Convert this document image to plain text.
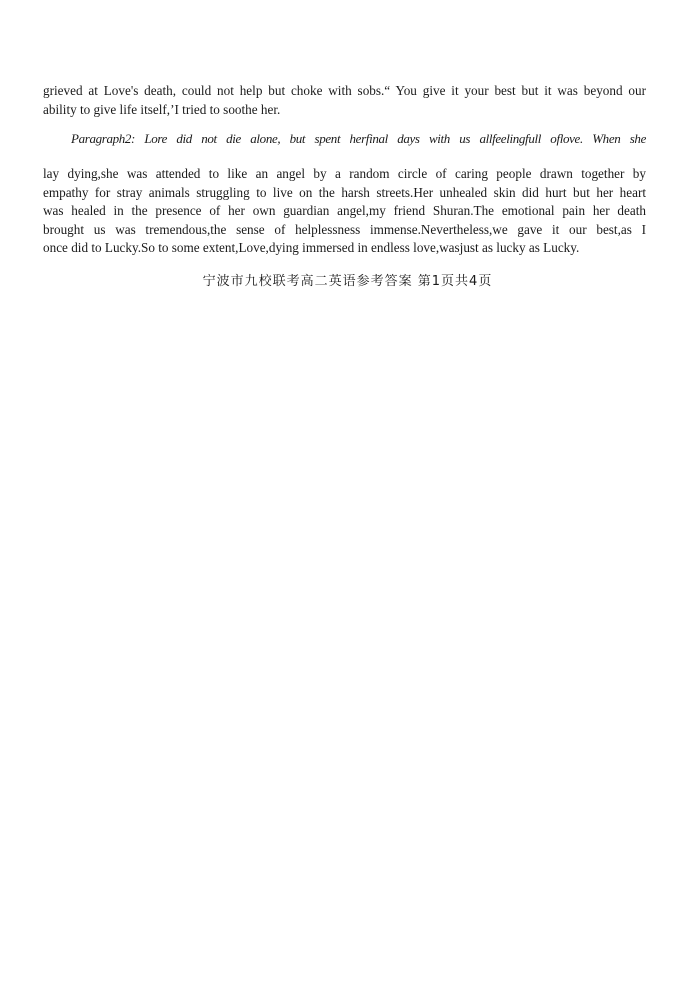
grieved at Love's death, could not help but choke with sobs.“ You give it your best but it was beyond our
ability to give life itself,’I tried to soothe her.

Paragraph2: Lore did not die alone, but spent herfinal days with us allfeelingfull oflove. When she

lay dying,she was attended to like an angel by a random circle of caring people drawn together by
empathy for stray animals struggling to live on the harsh streets.Her unhealed skin did hurt but her heart
was healed in the presence of her own guardian angel,my friend Shuran.The emotional pain her death
brought us was tremendous,the sense of helplessness immense.Nevertheless,we gave it our best,as I
once did to Lucky.So to some extent,Love,dying immersed in endless love,wasjust as lucky as Lucky.

宁波市九校联考高二英语参考答案 第1页共4页
